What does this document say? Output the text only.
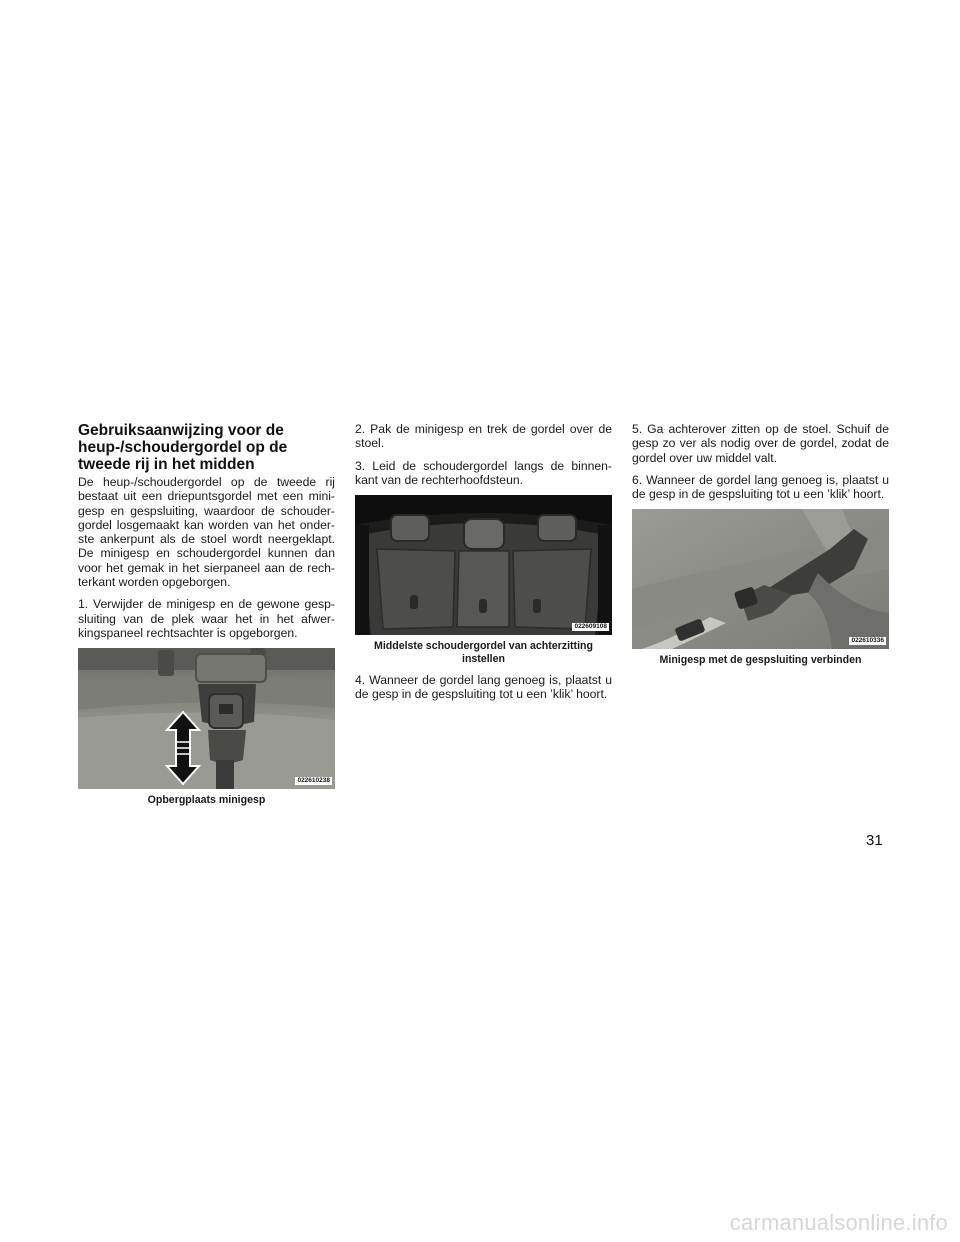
Gebruiksaanwijzing voor de heup-/schoudergordel op de tweede rij in het midden

De heup-/schoudergordel op de tweede rij bestaat uit een driepuntsgordel met een mini-gesp en gespsluiting, waardoor de schouder-gordel losgemaakt kan worden van het onder-ste ankerpunt als de stoel wordt neergeklapt. De minigesp en schoudergordel kunnen dan voor het gemak in het sierpaneel aan de rech-terkant worden opgeborgen.

1. Verwijder de minigesp en de gewone gesp-sluiting van de plek waar het in het afwer-kingspaneel rechtsachter is opgeborgen.

022610238
Opbergplaats minigesp

2. Pak de minigesp en trek de gordel over de stoel.

3. Leid de schoudergordel langs de binnen-kant van de rechterhoofdsteun.

022609108
Middelste schoudergordel van achterzitting instellen

4. Wanneer de gordel lang genoeg is, plaatst u de gesp in de gespsluiting tot u een ’klik’ hoort.

5. Ga achterover zitten op de stoel. Schuif de gesp zo ver als nodig over de gordel, zodat de gordel over uw middel valt.

6. Wanneer de gordel lang genoeg is, plaatst u de gesp in de gespsluiting tot u een ’klik’ hoort.

022610336
Minigesp met de gespsluiting verbinden
31
carmanualsonline.info
